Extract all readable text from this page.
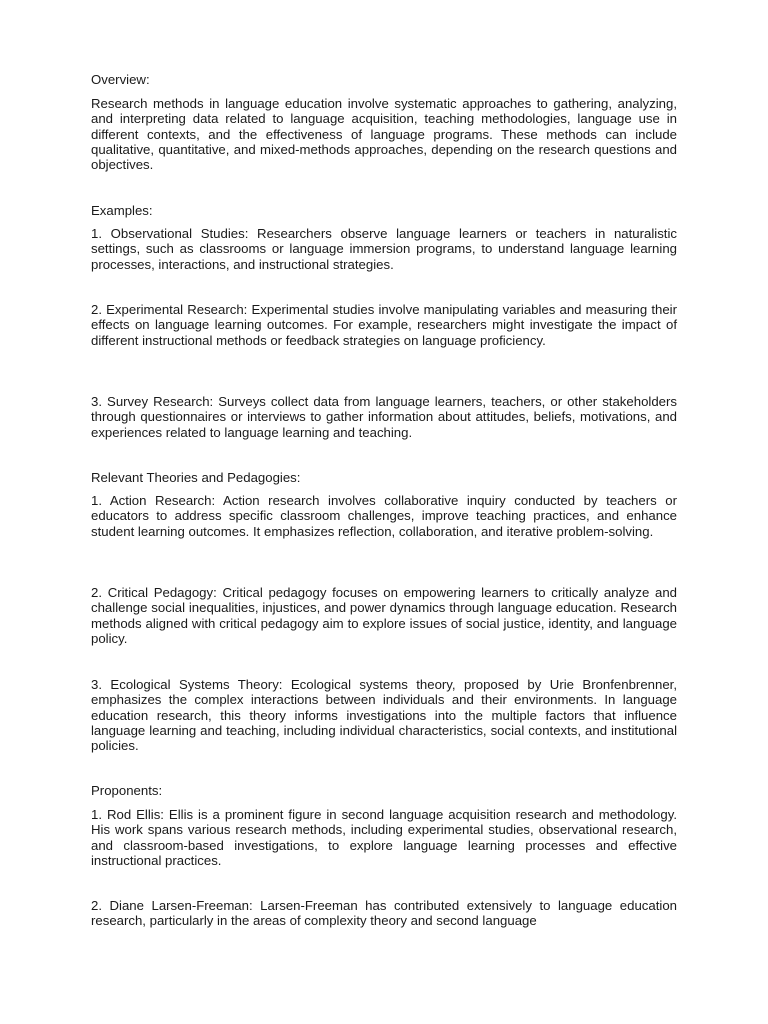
Overview:

Research methods in language education involve systematic approaches to gathering, analyzing, and interpreting data related to language acquisition, teaching methodologies, language use in different contexts, and the effectiveness of language programs. These methods can include qualitative, quantitative, and mixed-methods approaches, depending on the research questions and objectives.

Examples:

1. Observational Studies: Researchers observe language learners or teachers in naturalistic settings, such as classrooms or language immersion programs, to understand language learning processes, interactions, and instructional strategies.

2. Experimental Research: Experimental studies involve manipulating variables and measuring their effects on language learning outcomes. For example, researchers might investigate the impact of different instructional methods or feedback strategies on language proficiency.

3. Survey Research: Surveys collect data from language learners, teachers, or other stakeholders through questionnaires or interviews to gather information about attitudes, beliefs, motivations, and experiences related to language learning and teaching.

Relevant Theories and Pedagogies:

1. Action Research: Action research involves collaborative inquiry conducted by teachers or educators to address specific classroom challenges, improve teaching practices, and enhance student learning outcomes. It emphasizes reflection, collaboration, and iterative problem-solving.

2. Critical Pedagogy: Critical pedagogy focuses on empowering learners to critically analyze and challenge social inequalities, injustices, and power dynamics through language education. Research methods aligned with critical pedagogy aim to explore issues of social justice, identity, and language policy.

3. Ecological Systems Theory: Ecological systems theory, proposed by Urie Bronfenbrenner, emphasizes the complex interactions between individuals and their environments. In language education research, this theory informs investigations into the multiple factors that influence language learning and teaching, including individual characteristics, social contexts, and institutional policies.

Proponents:

1. Rod Ellis: Ellis is a prominent figure in second language acquisition research and methodology. His work spans various research methods, including experimental studies, observational research, and classroom-based investigations, to explore language learning processes and effective instructional practices.

2. Diane Larsen-Freeman: Larsen-Freeman has contributed extensively to language education research, particularly in the areas of complexity theory and second language
